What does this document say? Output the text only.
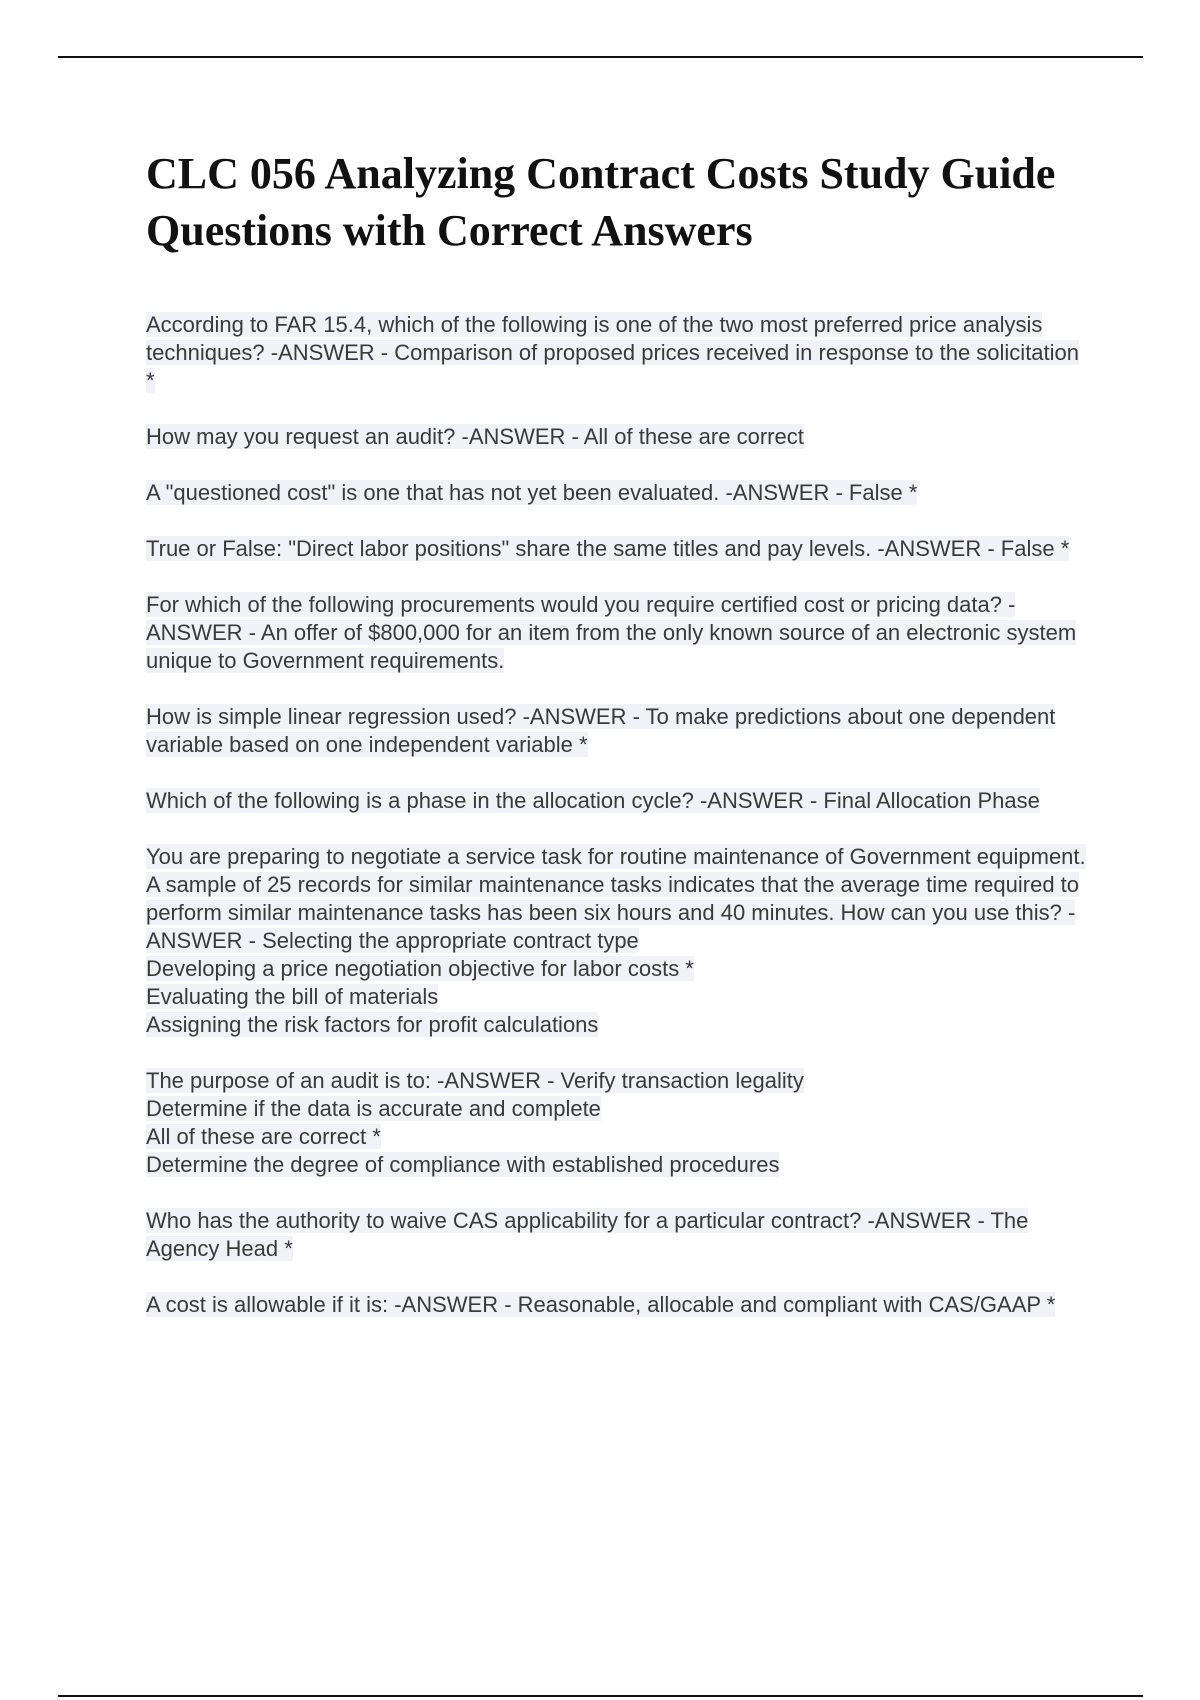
CLC 056 Analyzing Contract Costs Study Guide Questions with Correct Answers
According to FAR 15.4, which of the following is one of the two most preferred price analysis techniques? -ANSWER - Comparison of proposed prices received in response to the solicitation *
How may you request an audit? -ANSWER - All of these are correct
A "questioned cost" is one that has not yet been evaluated. -ANSWER - False *
True or False: "Direct labor positions" share the same titles and pay levels. -ANSWER - False *
For which of the following procurements would you require certified cost or pricing data? -ANSWER - An offer of $800,000 for an item from the only known source of an electronic system unique to Government requirements.
How is simple linear regression used? -ANSWER - To make predictions about one dependent variable based on one independent variable *
Which of the following is a phase in the allocation cycle? -ANSWER - Final Allocation Phase
You are preparing to negotiate a service task for routine maintenance of Government equipment. A sample of 25 records for similar maintenance tasks indicates that the average time required to perform similar maintenance tasks has been six hours and 40 minutes. How can you use this? -ANSWER - Selecting the appropriate contract type
Developing a price negotiation objective for labor costs *
Evaluating the bill of materials
Assigning the risk factors for profit calculations
The purpose of an audit is to: -ANSWER - Verify transaction legality
Determine if the data is accurate and complete
All of these are correct *
Determine the degree of compliance with established procedures
Who has the authority to waive CAS applicability for a particular contract? -ANSWER - The Agency Head *
A cost is allowable if it is: -ANSWER - Reasonable, allocable and compliant with CAS/GAAP *
